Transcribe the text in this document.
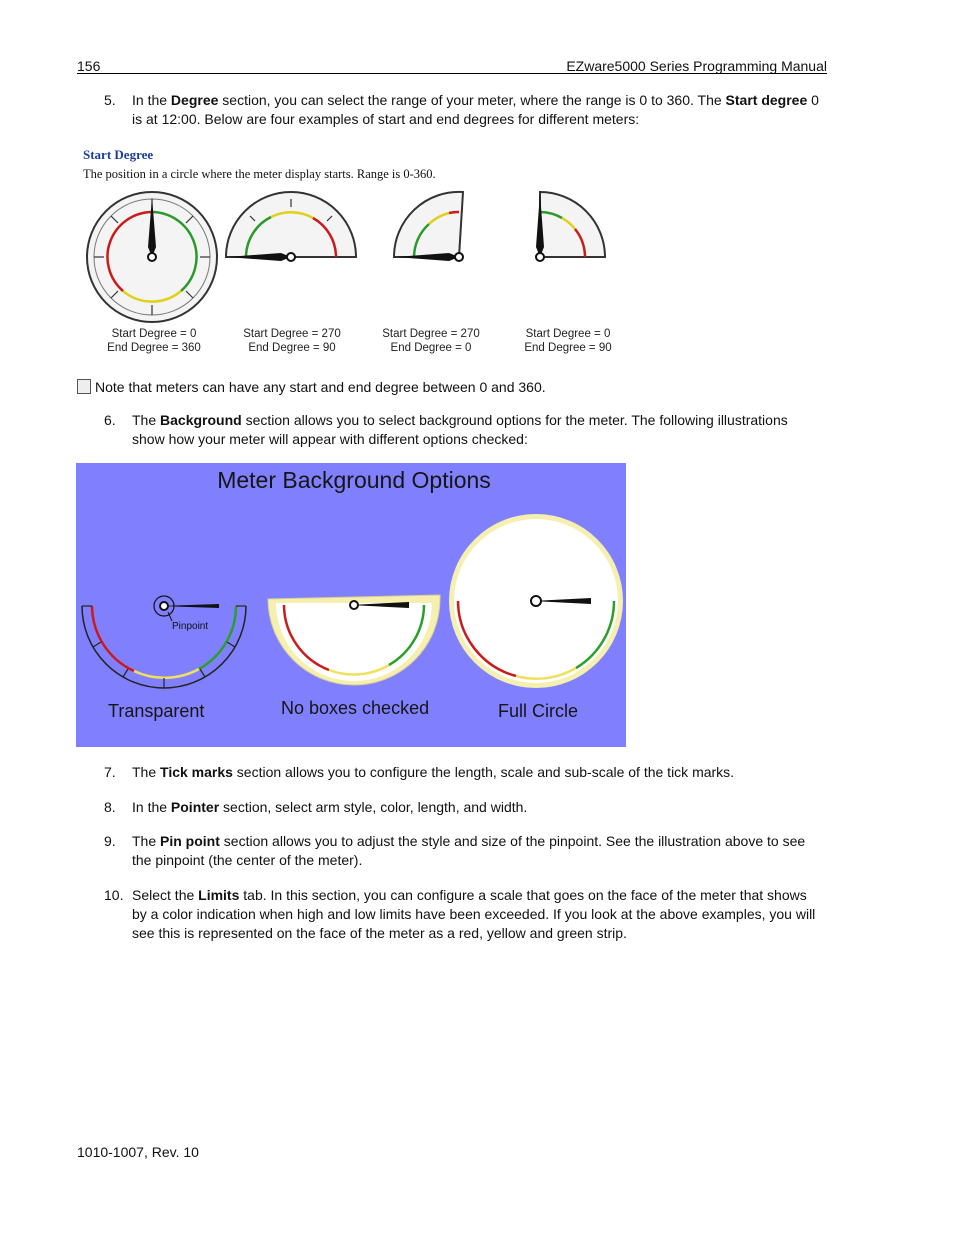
156	EZware5000 Series Programming Manual
5. In the Degree section, you can select the range of your meter, where the range is 0 to 360. The Start degree 0 is at 12:00. Below are four examples of start and end degrees for different meters:
Start Degree
The position in a circle where the meter display starts. Range is 0-360.
Start Degree = 0
End Degree = 360
Start Degree = 270
End Degree = 90
Start Degree = 270
End Degree = 0
Start Degree = 0
End Degree = 90
Note that meters can have any start and end degree between 0 and 360.
6. The Background section allows you to select background options for the meter. The following illustrations show how your meter will appear with different options checked:
Meter Background Options
Pinpoint
Transparent	No boxes checked	Full Circle
7. The Tick marks section allows you to configure the length, scale and sub-scale of the tick marks.
8. In the Pointer section, select arm style, color, length, and width.
9. The Pin point section allows you to adjust the style and size of the pinpoint. See the illustration above to see the pinpoint (the center of the meter).
10. Select the Limits tab. In this section, you can configure a scale that goes on the face of the meter that shows by a color indication when high and low limits have been exceeded. If you look at the above examples, you will see this is represented on the face of the meter as a red, yellow and green strip.
1010-1007, Rev. 10
